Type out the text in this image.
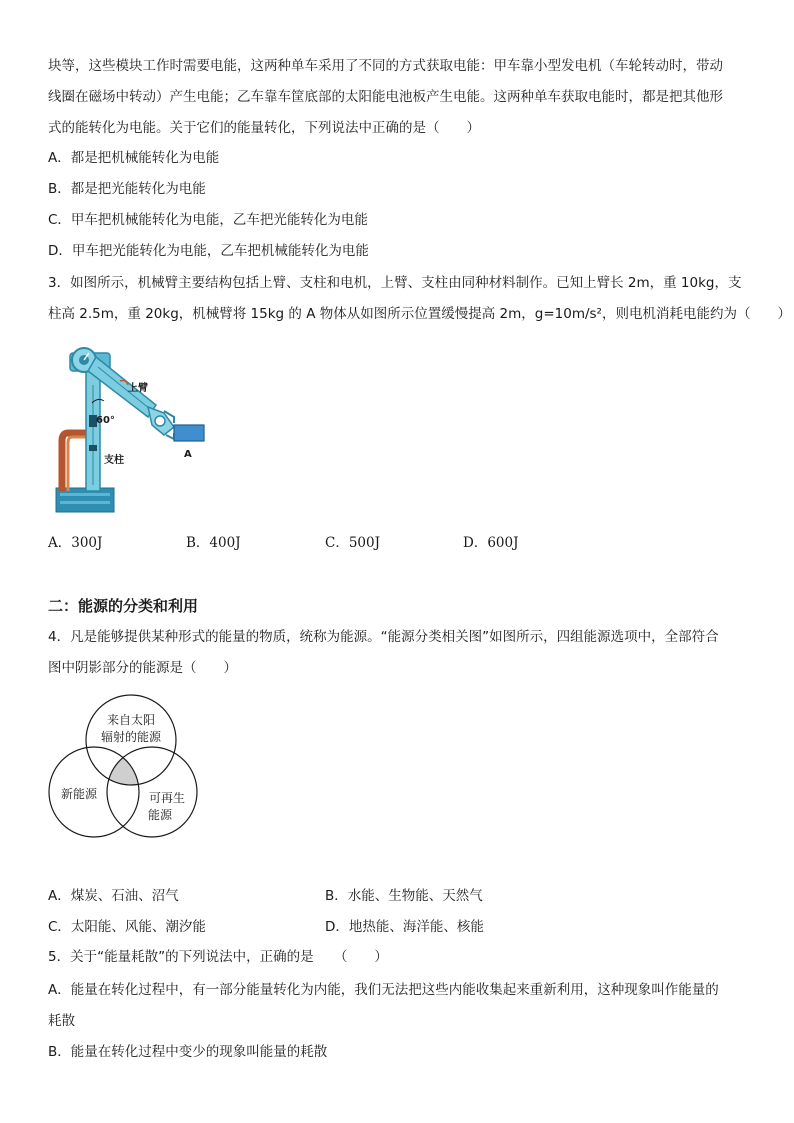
块等，这些模块工作时需要电能，这两种单车采用了不同的方式获取电能：甲车靠小型发电机（车轮转动时，带动
线圈在磁场中转动）产生电能；乙车靠车筐底部的太阳能电池板产生电能。这两种单车获取电能时，都是把其他形
式的能转化为电能。关于它们的能量转化，下列说法中正确的是（　　）
A．都是把机械能转化为电能
B．都是把光能转化为电能
C．甲车把机械能转化为电能，乙车把光能转化为电能
D．甲车把光能转化为电能，乙车把机械能转化为电能
3．如图所示，机械臂主要结构包括上臂、支柱和电机，上臂、支柱由同种材料制作。已知上臂长 2m，重 10kg，支
柱高 2.5m，重 20kg，机械臂将 15kg 的 A 物体从如图所示位置缓慢提高 2m，g=10m/s²，则电机消耗电能约为（　　）
上臂
60°
支柱
A
A．300J	B．400J	C．500J	D．600J
二：能源的分类和利用
4．凡是能够提供某种形式的能量的物质，统称为能源。“能源分类相关图”如图所示，四组能源选项中，全部符合
图中阴影部分的能源是（　　）
来自太阳
辐射的能源
新能源	可再生
能源
A．煤炭、石油、沼气	B．水能、生物能、天然气
C．太阳能、风能、潮汐能	D．地热能、海洋能、核能
5．关于“能量耗散”的下列说法中，正确的是　　（　　）
A．能量在转化过程中，有一部分能量转化为内能，我们无法把这些内能收集起来重新利用，这种现象叫作能量的
耗散
B．能量在转化过程中变少的现象叫能量的耗散
